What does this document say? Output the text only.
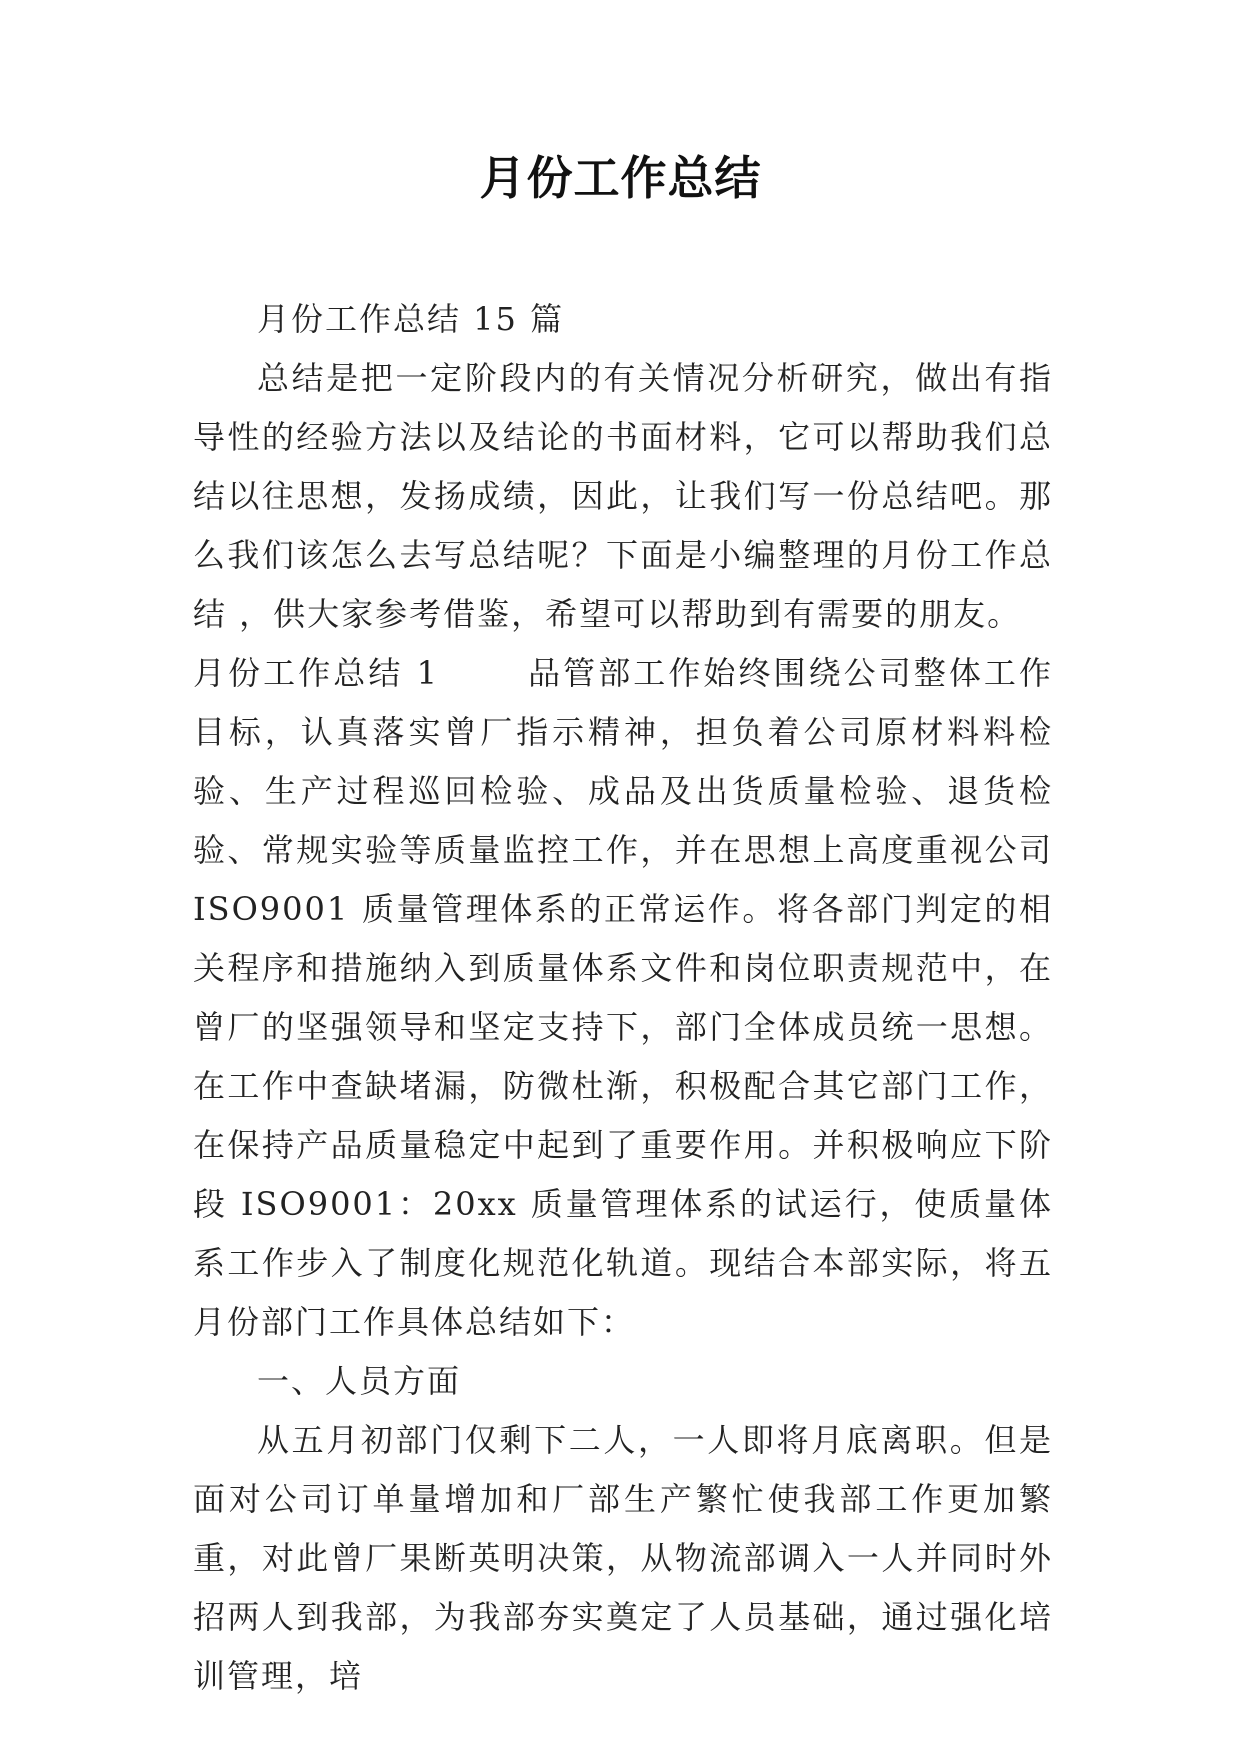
月份工作总结

月份工作总结 15 篇

总结是把一定阶段内的有关情况分析研究，做出有指导性的经验方法以及结论的书面材料，它可以帮助我们总结以往思想，发扬成绩，因此，让我们写一份总结吧。那么我们该怎么去写总结呢？下面是小编整理的月份工作总结 ，供大家参考借鉴，希望可以帮助到有需要的朋友。

月份工作总结 1	品管部工作始终围绕公司整体工作目标，认真落实曾厂指示精神，担负着公司原材料料检验、生产过程巡回检验、成品及出货质量检验、退货检验、常规实验等质量监控工作，并在思想上高度重视公司 ISO9001 质量管理体系的正常运作。将各部门判定的相关程序和措施纳入到质量体系文件和岗位职责规范中，在曾厂的坚强领导和坚定支持下，部门全体成员统一思想。在工作中查缺堵漏，防微杜渐，积极配合其它部门工作，在保持产品质量稳定中起到了重要作用。并积极响应下阶段 ISO9001：20xx 质量管理体系的试运行，使质量体系工作步入了制度化规范化轨道。现结合本部实际，将五月份部门工作具体总结如下：

一、人员方面

从五月初部门仅剩下二人，一人即将月底离职。但是面对公司订单量增加和厂部生产繁忙使我部工作更加繁重，对此曾厂果断英明决策，从物流部调入一人并同时外招两人到我部，为我部夯实奠定了人员基础，通过强化培训管理，培
